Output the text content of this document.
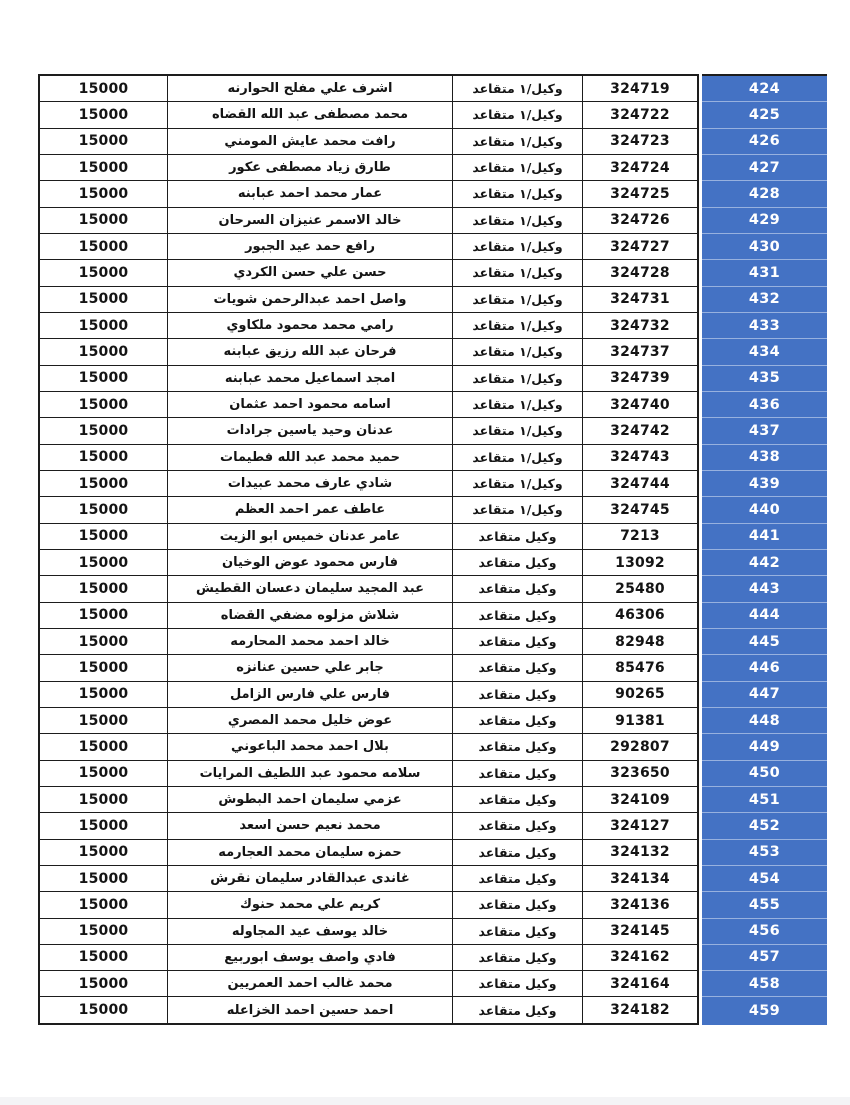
15000	اشرف علي مفلح الحوارنه	وكيل/١ متقاعد	324719	424
15000	محمد مصطفى عبد الله القضاه	وكيل/١ متقاعد	324722	425
15000	رافت محمد عايش المومني	وكيل/١ متقاعد	324723	426
15000	طارق زياد مصطفى عكور	وكيل/١ متقاعد	324724	427
15000	عمار محمد احمد عبابنه	وكيل/١ متقاعد	324725	428
15000	خالد الاسمر عنيزان السرحان	وكيل/١ متقاعد	324726	429
15000	رافع حمد عيد الجبور	وكيل/١ متقاعد	324727	430
15000	حسن علي حسن الكردي	وكيل/١ متقاعد	324728	431
15000	واصل احمد عبدالرحمن شويات	وكيل/١ متقاعد	324731	432
15000	رامي محمد محمود ملكاوي	وكيل/١ متقاعد	324732	433
15000	فرحان عبد الله رزيق عبابنه	وكيل/١ متقاعد	324737	434
15000	امجد اسماعيل محمد عبابنه	وكيل/١ متقاعد	324739	435
15000	اسامه محمود احمد عثمان	وكيل/١ متقاعد	324740	436
15000	عدنان وحيد ياسين جرادات	وكيل/١ متقاعد	324742	437
15000	حميد محمد عبد الله فطيمات	وكيل/١ متقاعد	324743	438
15000	شادي عارف محمد عبيدات	وكيل/١ متقاعد	324744	439
15000	عاطف عمر احمد العظم	وكيل/١ متقاعد	324745	440
15000	عامر عدنان خميس ابو الزيت	وكيل متقاعد	7213	441
15000	فارس محمود عوض الوخيان	وكيل متقاعد	13092	442
15000	عبد المجيد سليمان دعسان القطيش	وكيل متقاعد	25480	443
15000	شلاش مزلوه مضفي القضاه	وكيل متقاعد	46306	444
15000	خالد احمد محمد المحارمه	وكيل متقاعد	82948	445
15000	جابر علي حسين عنانزه	وكيل متقاعد	85476	446
15000	فارس علي فارس الزامل	وكيل متقاعد	90265	447
15000	عوض خليل محمد المصري	وكيل متقاعد	91381	448
15000	بلال احمد محمد الباعوني	وكيل متقاعد	292807	449
15000	سلامه محمود عبد اللطيف المرايات	وكيل متقاعد	323650	450
15000	عزمي سليمان احمد البطوش	وكيل متقاعد	324109	451
15000	محمد نعيم حسن اسعد	وكيل متقاعد	324127	452
15000	حمزه سليمان محمد العجارمه	وكيل متقاعد	324132	453
15000	غاندى عبدالقادر سليمان نقرش	وكيل متقاعد	324134	454
15000	كريم علي محمد حنوك	وكيل متقاعد	324136	455
15000	خالد يوسف عيد المجاوله	وكيل متقاعد	324145	456
15000	فادي واصف يوسف ابوربيع	وكيل متقاعد	324162	457
15000	محمد غالب احمد العمريين	وكيل متقاعد	324164	458
15000	احمد حسين احمد الخزاعله	وكيل متقاعد	324182	459
